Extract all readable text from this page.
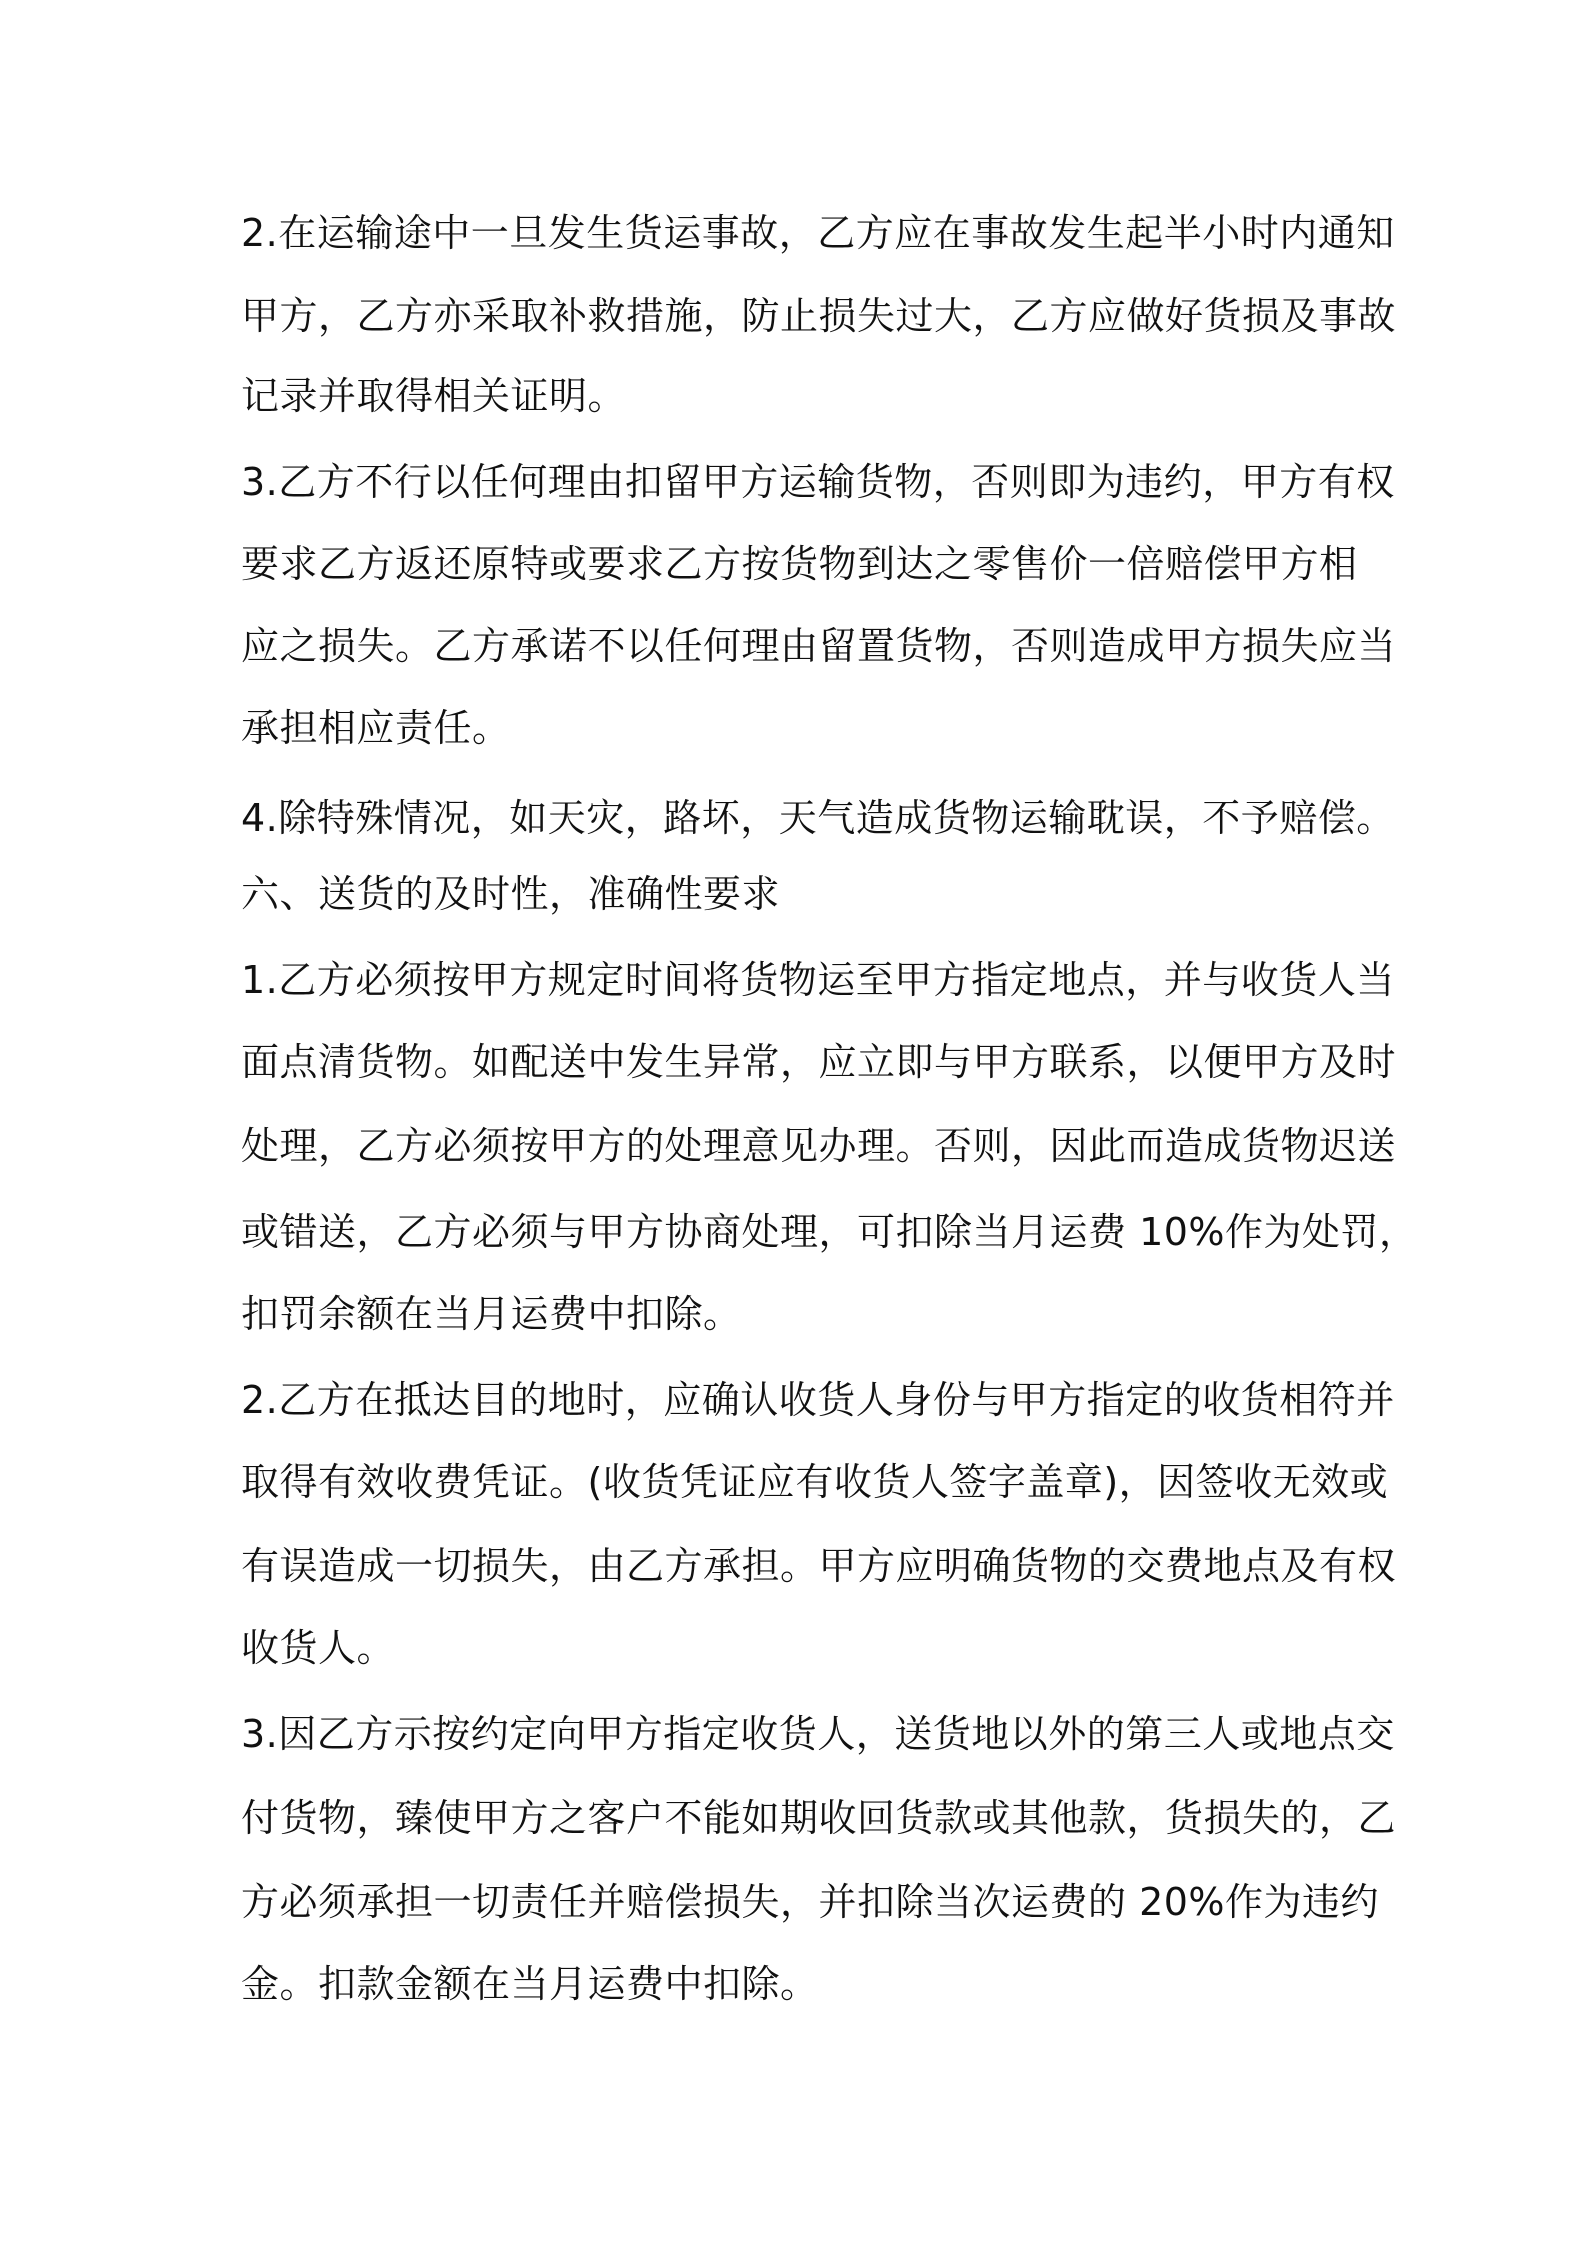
2.在运输途中一旦发生货运事故，乙方应在事故发生起半小时内通知
甲方，乙方亦采取补救措施，防止损失过大，乙方应做好货损及事故
记录并取得相关证明。
3.乙方不行以任何理由扣留甲方运输货物，否则即为违约，甲方有权
要求乙方返还原特或要求乙方按货物到达之零售价一倍赔偿甲方相
应之损失。乙方承诺不以任何理由留置货物，否则造成甲方损失应当
承担相应责任。
4.除特殊情况，如天灾，路坏，天气造成货物运输耽误，不予赔偿。
六、送货的及时性，准确性要求
1.乙方必须按甲方规定时间将货物运至甲方指定地点，并与收货人当
面点清货物。如配送中发生异常，应立即与甲方联系，以便甲方及时
处理，乙方必须按甲方的处理意见办理。否则，因此而造成货物迟送
或错送，乙方必须与甲方协商处理，可扣除当月运费 10%作为处罚，
扣罚余额在当月运费中扣除。
2.乙方在抵达目的地时，应确认收货人身份与甲方指定的收货相符并
取得有效收费凭证。(收货凭证应有收货人签字盖章)，因签收无效或
有误造成一切损失，由乙方承担。甲方应明确货物的交费地点及有权
收货人。
3.因乙方示按约定向甲方指定收货人，送货地以外的第三人或地点交
付货物，臻使甲方之客户不能如期收回货款或其他款，货损失的，乙
方必须承担一切责任并赔偿损失，并扣除当次运费的 20%作为违约
金。扣款金额在当月运费中扣除。
